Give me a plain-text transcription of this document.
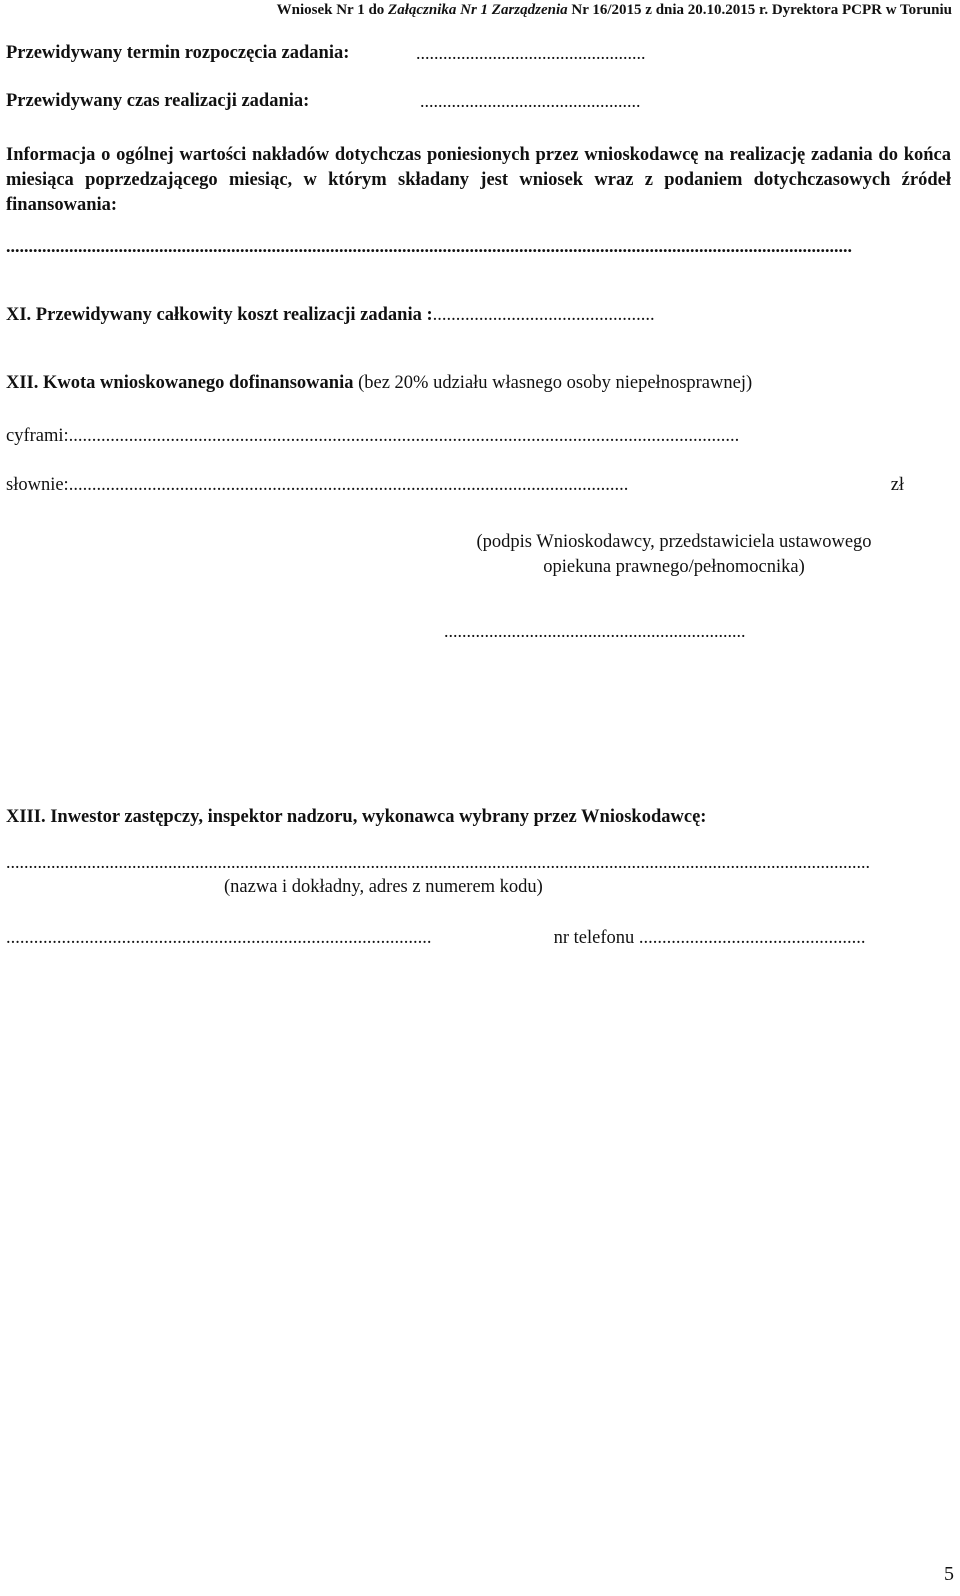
Wniosek Nr 1 do Załącznika Nr 1 Zarządzenia Nr 16/2015 z dnia 20.10.2015 r. Dyrektora PCPR w Toruniu
Przewidywany termin rozpoczęcia zadania:	...................................................
Przewidywany czas realizacji zadania:	.................................................
Informacja o ogólnej wartości nakładów dotychczas poniesionych przez wnioskodawcę na realizację zadania do końca miesiąca poprzedzającego miesiąc, w którym składany jest wniosek wraz z podaniem dotychczasowych źródeł finansowania:
............................................................................................................................................................................................
XI. Przewidywany całkowity koszt realizacji zadania :................................................
XII. Kwota wnioskowanego dofinansowania (bez 20% udziału własnego osoby niepełnosprawnej)
cyframi:.................................................................................................................................................
słownie:.........................................................................................................................	zł
(podpis Wnioskodawcy, przedstawiciela ustawowego
opiekuna prawnego/pełnomocnika)
...................................................................
XIII. Inwestor zastępczy, inspektor nadzoru, wykonawca wybrany przez Wnioskodawcę:
................................................................................................................................................................................................
(nazwa i dokładny, adres z numerem kodu)
............................................................................................	nr telefonu .................................................
5
